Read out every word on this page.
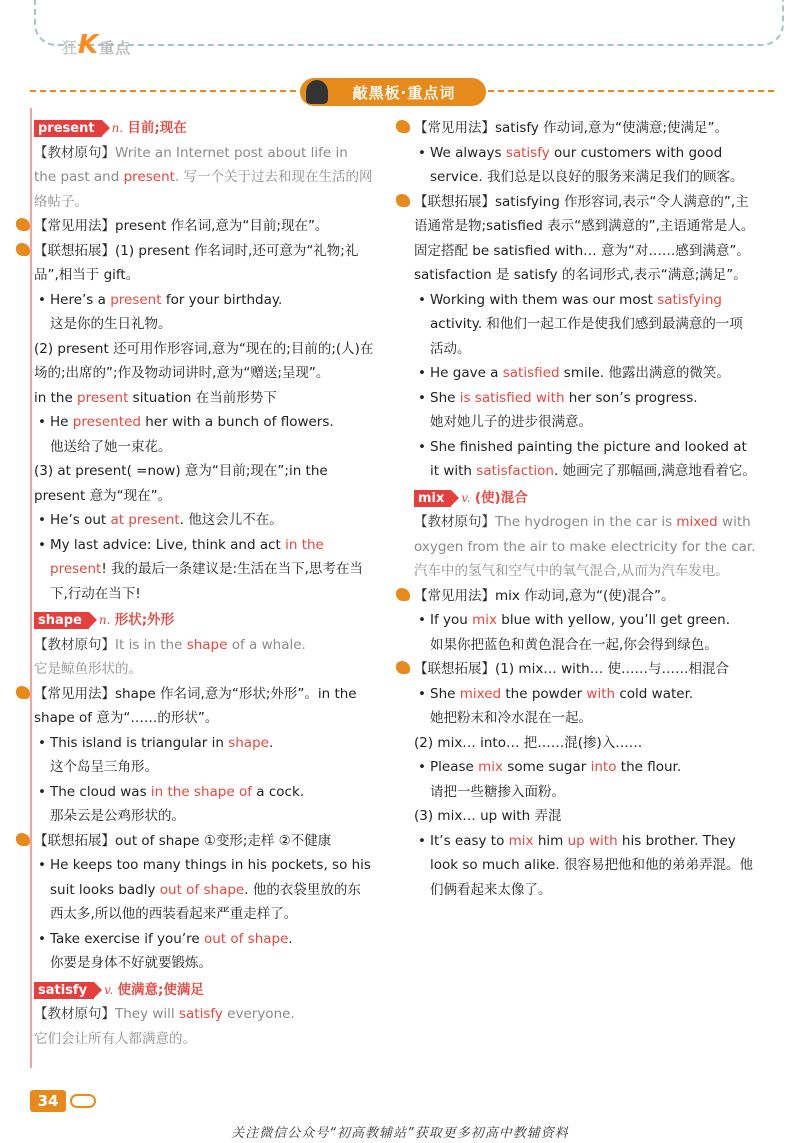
狂K重点
敲黑板·重点词
present n. 目前;现在
【教材原句】Write an Internet post about life in the past and present. 写一个关于过去和现在生活的网络帖子。
【常见用法】present 作名词,意为“目前;现在”。
【联想拓展】(1) present 作名词时,还可意为“礼物;礼品”,相当于 gift。
• Here’s a present for your birthday.
这是你的生日礼物。
(2) present 还可用作形容词,意为“现在的;目前的;(人)在场的;出席的”;作及物动词讲时,意为“赠送;呈现”。
in the present situation 在当前形势下
• He presented her with a bunch of flowers.
他送给了她一束花。
(3) at present( =now) 意为“目前;现在”;in the present 意为“现在”。
• He’s out at present. 他这会儿不在。
• My last advice: Live, think and act in the present! 我的最后一条建议是:生活在当下,思考在当下,行动在当下!
shape n. 形状;外形
【教材原句】It is in the shape of a whale.
它是鲸鱼形状的。
【常见用法】shape 作名词,意为“形状;外形”。in the shape of 意为“……的形状”。
• This island is triangular in shape.
这个岛呈三角形。
• The cloud was in the shape of a cock.
那朵云是公鸡形状的。
【联想拓展】out of shape ①变形;走样 ②不健康
• He keeps too many things in his pockets, so his suit looks badly out of shape. 他的衣袋里放的东西太多,所以他的西装看起来严重走样了。
• Take exercise if you’re out of shape.
你要是身体不好就要锻炼。
satisfy v. 使满意;使满足
【教材原句】They will satisfy everyone.
它们会让所有人都满意的。
【常见用法】satisfy 作动词,意为“使满意;使满足”。
• We always satisfy our customers with good service. 我们总是以良好的服务来满足我们的顾客。
【联想拓展】satisfying 作形容词,表示“令人满意的”,主语通常是物;satisfied 表示“感到满意的”,主语通常是人。固定搭配 be satisfied with… 意为“对……感到满意”。satisfaction 是 satisfy 的名词形式,表示“满意;满足”。
• Working with them was our most satisfying activity. 和他们一起工作是使我们感到最满意的一项活动。
• He gave a satisfied smile. 他露出满意的微笑。
• She is satisfied with her son’s progress.
她对她儿子的进步很满意。
• She finished painting the picture and looked at it with satisfaction. 她画完了那幅画,满意地看着它。
mix v. (使)混合
【教材原句】The hydrogen in the car is mixed with oxygen from the air to make electricity for the car. 汽车中的氢气和空气中的氧气混合,从而为汽车发电。
【常见用法】mix 作动词,意为“(使)混合”。
• If you mix blue with yellow, you’ll get green.
如果你把蓝色和黄色混合在一起,你会得到绿色。
【联想拓展】(1) mix… with… 使……与……相混合
• She mixed the powder with cold water.
她把粉末和冷水混在一起。
(2) mix… into… 把……混(掺)入……
• Please mix some sugar into the flour.
请把一些糖掺入面粉。
(3) mix… up with 弄混
• It’s easy to mix him up with his brother. They look so much alike. 很容易把他和他的弟弟弄混。他们俩看起来太像了。
34
关注微信公众号“初高教辅站”获取更多初高中教辅资料
